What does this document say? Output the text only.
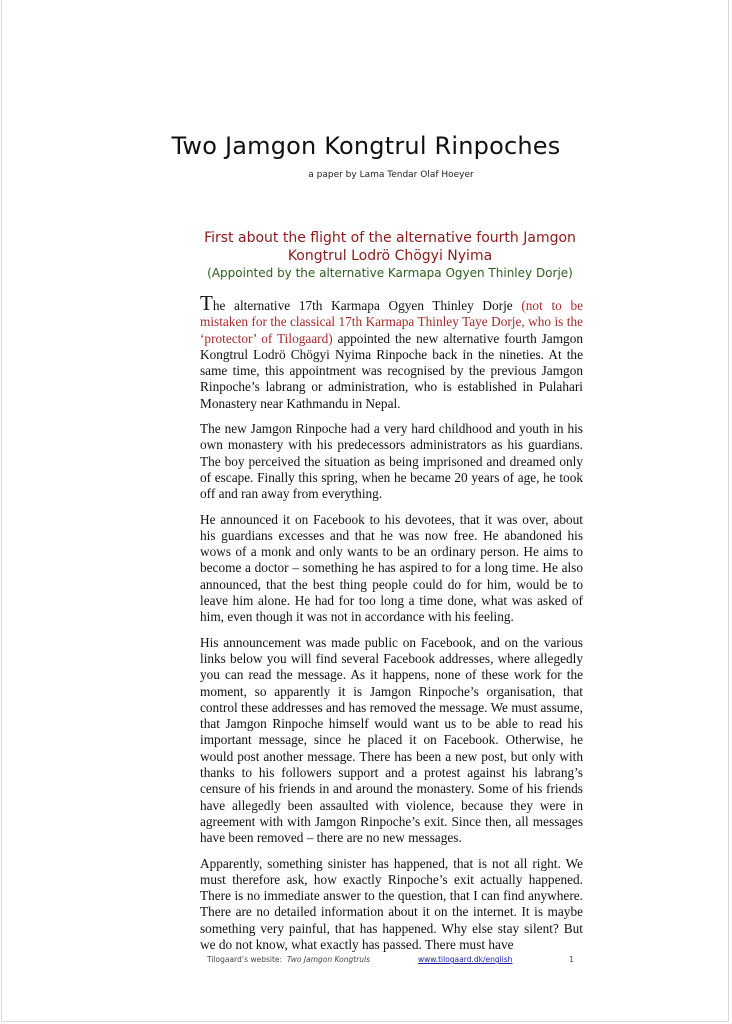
Two Jamgon Kongtrul Rinpoches
a paper by Lama Tendar Olaf Hoeyer
First about the flight of the alternative fourth Jamgon
Kongtrul Lodrö Chögyi Nyima
(Appointed by the alternative Karmapa Ogyen Thinley Dorje)

The alternative 17th Karmapa Ogyen Thinley Dorje (not to be mistaken for the classical 17th Karmapa Thinley Taye Dorje, who is the ‘protector’ of Tilogaard) appointed the new alternative fourth Jamgon Kongtrul Lodrö Chögyi Nyima Rinpoche back in the nineties. At the same time, this appointment was recognised by the previous Jamgon Rinpoche’s labrang or administration, who is established in Pulahari Monastery near Kathmandu in Nepal.

The new Jamgon Rinpoche had a very hard childhood and youth in his own monastery with his predecessors administrators as his guardians. The boy perceived the situation as being imprisoned and dreamed only of escape. Finally this spring, when he became 20 years of age, he took off and ran away from everything.

He announced it on Facebook to his devotees, that it was over, about his guardians excesses and that he was now free. He abandoned his wows of a monk and only wants to be an ordinary person. He aims to become a doctor – something he has aspired to for a long time. He also announced, that the best thing people could do for him, would be to leave him alone. He had for too long a time done, what was asked of him, even though it was not in accordance with his feeling.

His announcement was made public on Facebook, and on the various links below you will find several Facebook addresses, where allegedly you can read the message. As it happens, none of these work for the moment, so apparently it is Jamgon Rinpoche’s organisation, that control these addresses and has removed the message. We must assume, that Jamgon Rinpoche himself would want us to be able to read his important message, since he placed it on Facebook. Otherwise, he would post another message. There has been a new post, but only with thanks to his followers support and a protest against his labrang’s censure of his friends in and around the monastery. Some of his friends have allegedly been assaulted with violence, because they were in agreement with with Jamgon Rinpoche’s exit. Since then, all messages have been removed – there are no new messages.

Apparently, something sinister has happened, that is not all right. We must therefore ask, how exactly Rinpoche’s exit actually happened. There is no immediate answer to the question, that I can find anywhere. There are no detailed information about it on the internet. It is maybe something very painful, that has happened. Why else stay silent? But we do not know, what exactly has passed. There must have

Tilogaard’s website: Two Jamgon Kongtruls	www.tilogaard.dk/english	1
